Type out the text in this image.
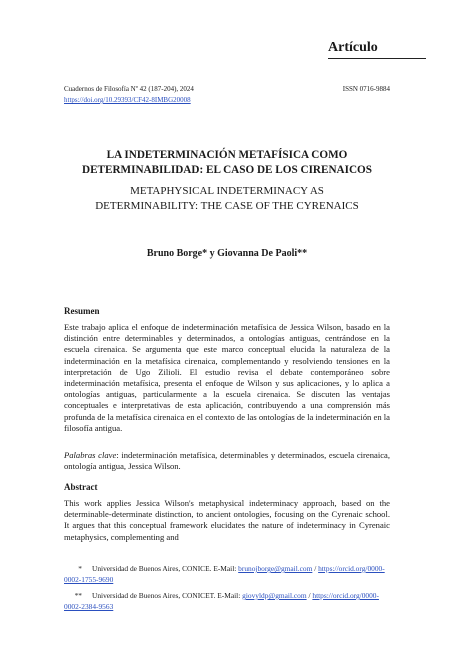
Artículo
Cuadernos de Filosofía Nº 42 (187-204), 2024	ISSN 0716-9884
https://doi.org/10.29393/CF42-8IMBG20008
LA INDETERMINACIÓN METAFÍSICA COMO
DETERMINABILIDAD: EL CASO DE LOS CIRENAICOS
METAPHYSICAL INDETERMINACY AS
DETERMINABILITY: THE CASE OF THE CYRENAICS
Bruno Borge* y Giovanna De Paoli**
Resumen
Este trabajo aplica el enfoque de indeterminación metafísica de Jessica Wilson, basado en la distinción entre determinables y determinados, a ontologías antiguas, centrándose en la escuela cirenaica. Se argumenta que este marco conceptual elucida la naturaleza de la indeterminación en la metafísica cirenaica, complementando y resolviendo tensiones en la interpretación de Ugo Zilioli. El estudio revisa el debate contemporáneo sobre indeterminación metafísica, presenta el enfoque de Wilson y sus aplicaciones, y lo aplica a ontologías antiguas, particularmente a la escuela cirenaica. Se discuten las ventajas conceptuales e interpretativas de esta aplicación, contribuyendo a una comprensión más profunda de la metafísica cirenaica en el contexto de las ontologías de la indeterminación en la filosofía antigua.
Palabras clave: indeterminación metafísica, determinables y determinados, escuela cirenaica, ontología antigua, Jessica Wilson.
Abstract
This work applies Jessica Wilson's metaphysical indeterminacy approach, based on the determinable-determinate distinction, to ancient ontologies, focusing on the Cyrenaic school. It argues that this conceptual framework elucidates the nature of indeterminacy in Cyrenaic metaphysics, complementing and
* Universidad de Buenos Aires, CONICE. E-Mail: brunojborge@gmail.com / https://orcid.org/0000-0002-1755-9690
** Universidad de Buenos Aires, CONICET. E-Mail: giovyldp@gmail.com / https://orcid.org/0000-0002-2384-9563
